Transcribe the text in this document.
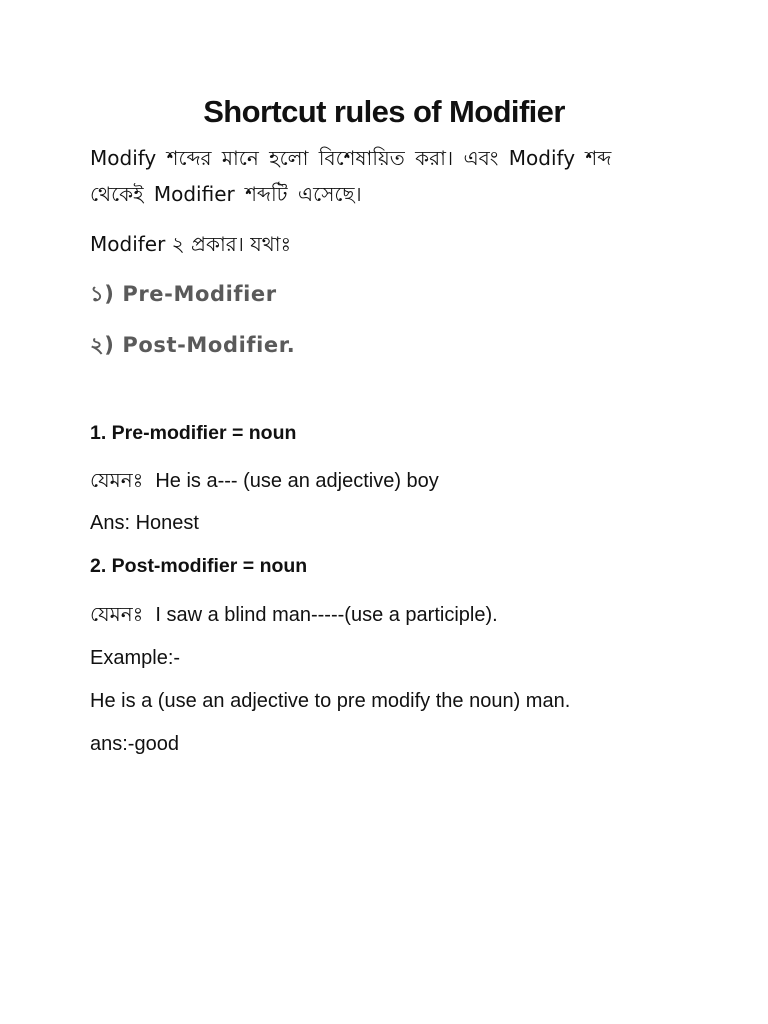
Shortcut rules of Modifier

Modify শব্দের মানে হলো বিশেষায়িত করা। এবং Modify শব্দ থেকেই Modifier শব্দটি এসেছে।

Modifer ২ প্রকার। যথাঃ

১) Pre-Modifier

২) Post-Modifier.

1. Pre-modifier = noun

যেমনঃ He is a--- (use an adjective) boy

Ans: Honest

2. Post-modifier = noun

যেমনঃ I saw a blind man-----(use a participle).

Example:-

He is a (use an adjective to pre modify the noun) man.

ans:-good
